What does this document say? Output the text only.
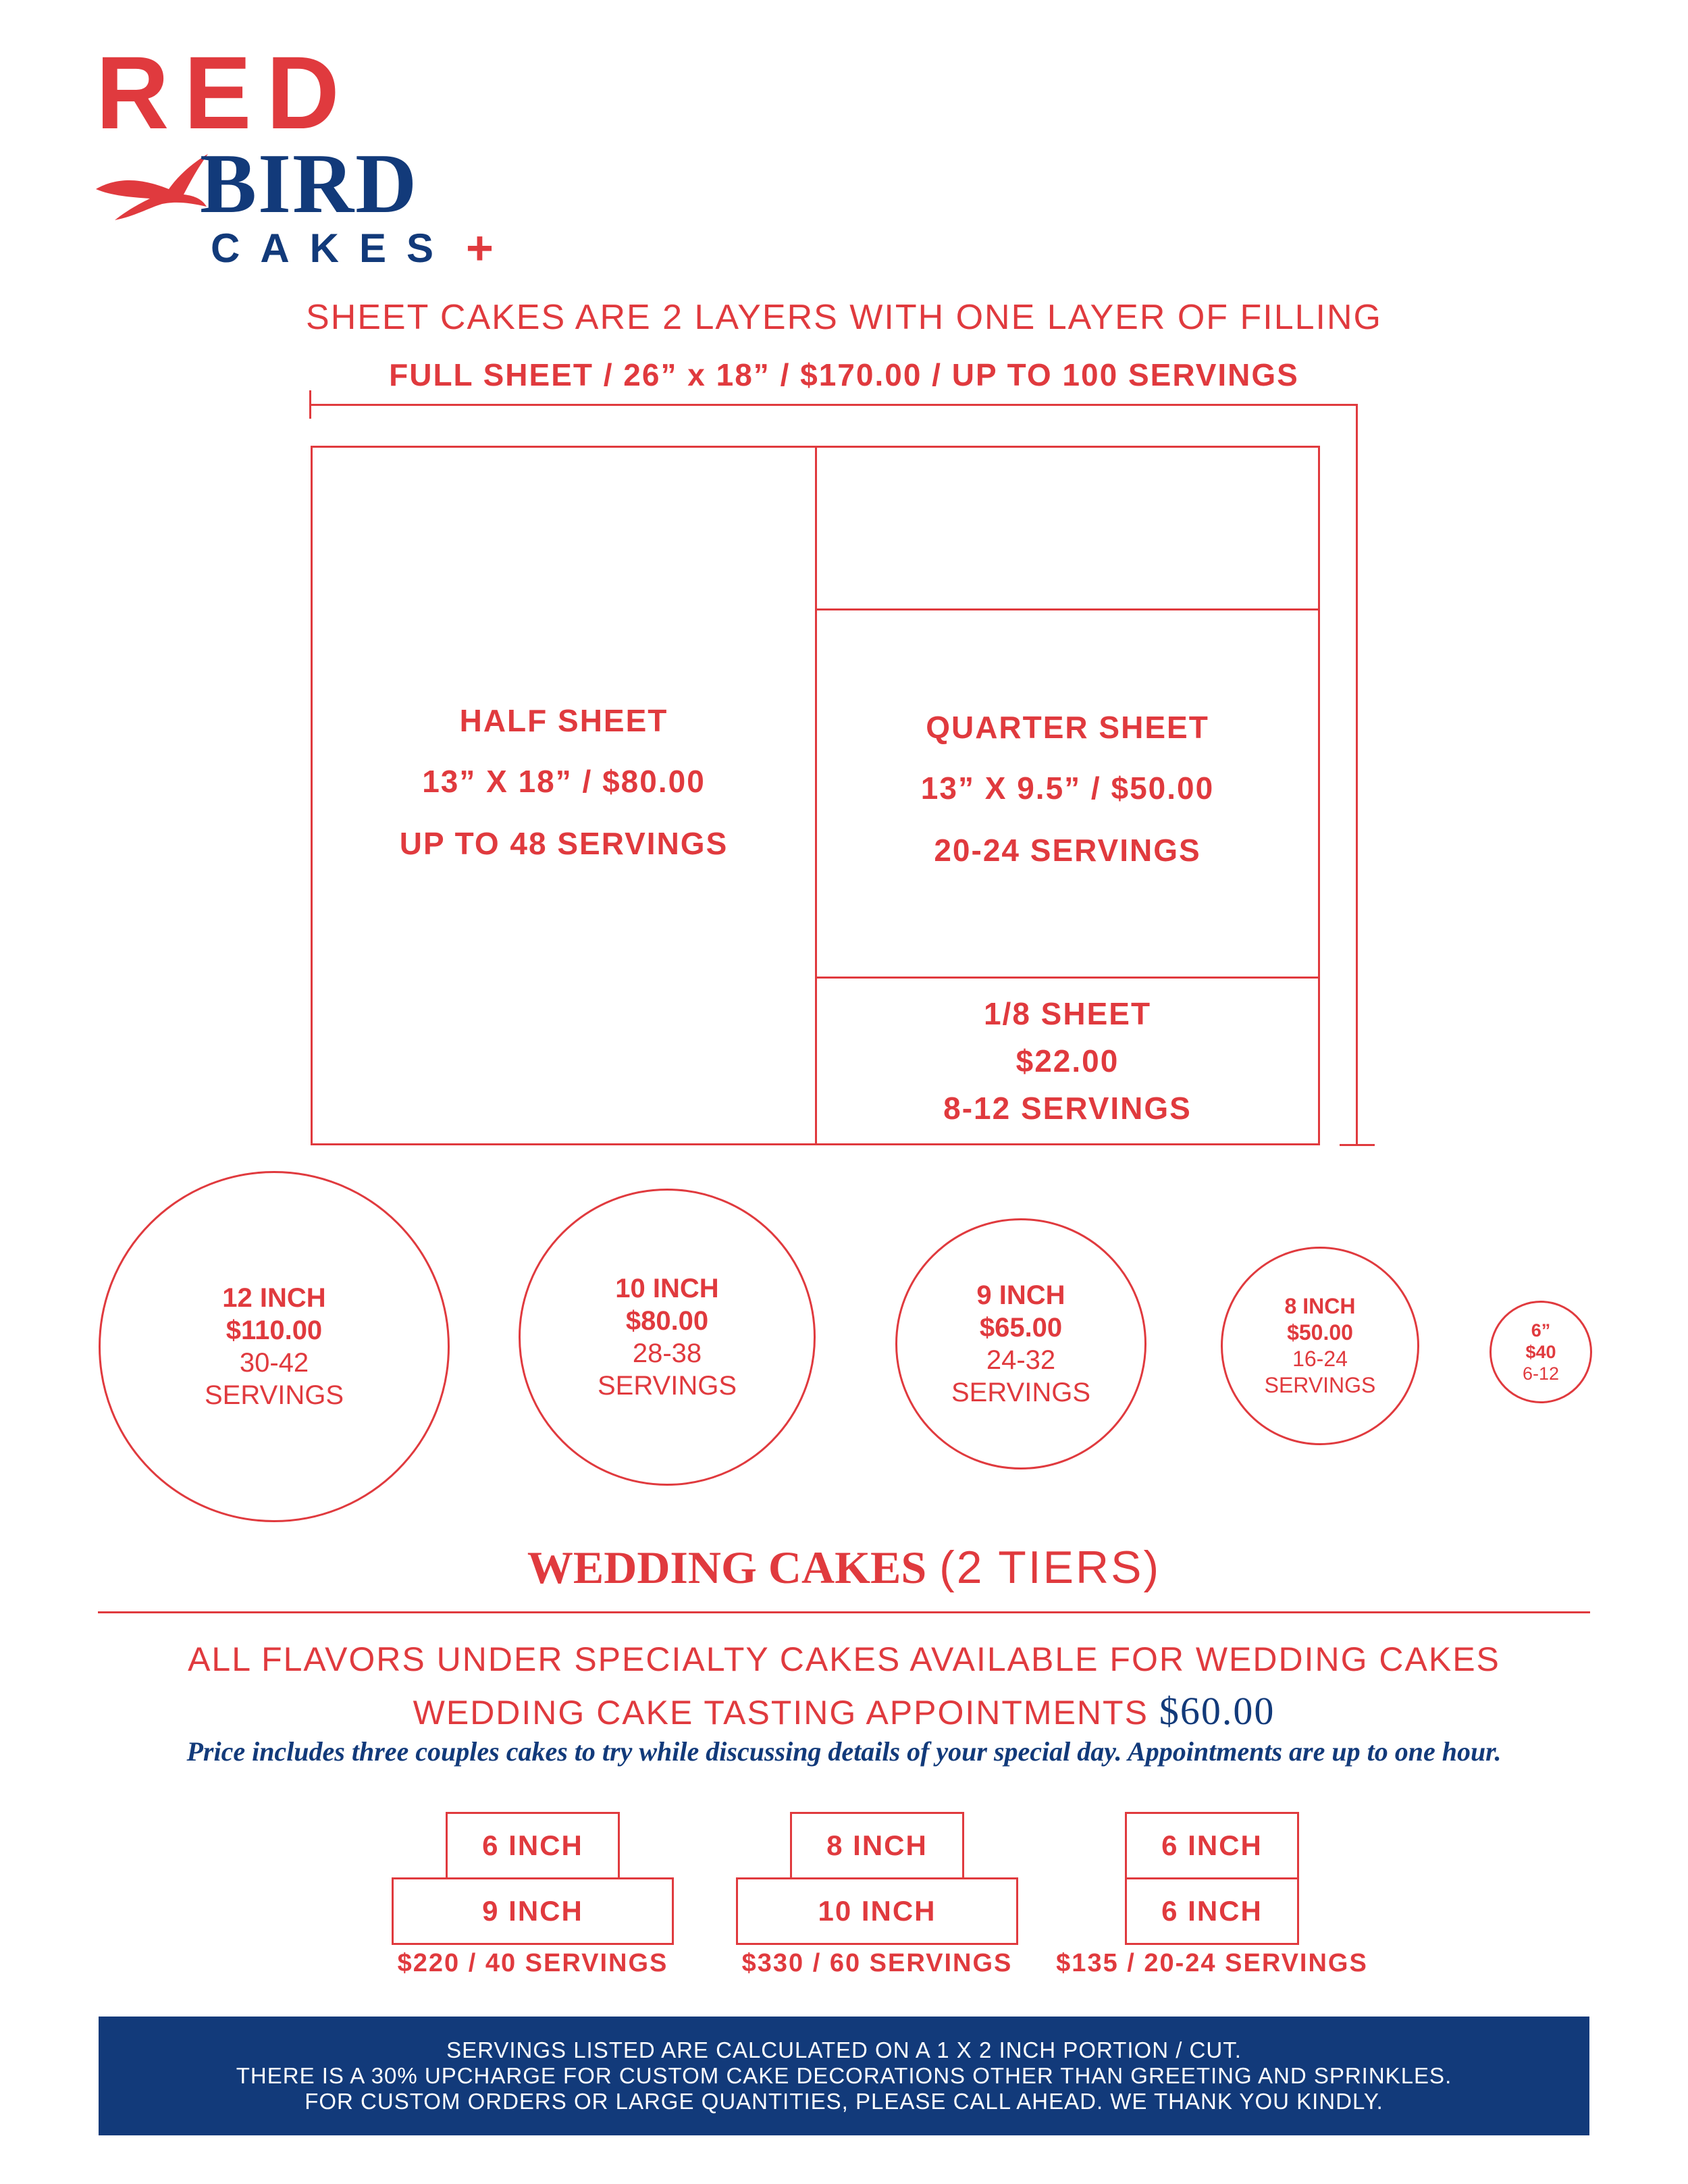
RED
BIRD
CAKES +
SHEET CAKES ARE 2 LAYERS WITH ONE LAYER OF FILLING
FULL SHEET / 26” x 18” / $170.00 / UP TO 100 SERVINGS
HALF SHEET
13” X 18” / $80.00
UP TO 48 SERVINGS
QUARTER SHEET
13” X 9.5” / $50.00
20-24 SERVINGS
1/8 SHEET
$22.00
8-12 SERVINGS
12 INCH
$110.00
30-42
SERVINGS
10 INCH
$80.00
28-38
SERVINGS
9 INCH
$65.00
24-32
SERVINGS
8 INCH
$50.00
16-24
SERVINGS
6”
$40
6-12
WEDDING CAKES (2 TIERS)
ALL FLAVORS UNDER SPECIALTY CAKES AVAILABLE FOR WEDDING CAKES
WEDDING CAKE TASTING APPOINTMENTS $60.00
Price includes three couples cakes to try while discussing details of your special day. Appointments are up to one hour.
6 INCH
9 INCH
$220 / 40 SERVINGS
8 INCH
10 INCH
$330 / 60 SERVINGS
6 INCH
6 INCH
$135 / 20-24 SERVINGS
SERVINGS LISTED ARE CALCULATED ON A 1 X 2 INCH PORTION / CUT.
THERE IS A 30% UPCHARGE FOR CUSTOM CAKE DECORATIONS OTHER THAN GREETING AND SPRINKLES.
FOR CUSTOM ORDERS OR LARGE QUANTITIES, PLEASE CALL AHEAD. WE THANK YOU KINDLY.
